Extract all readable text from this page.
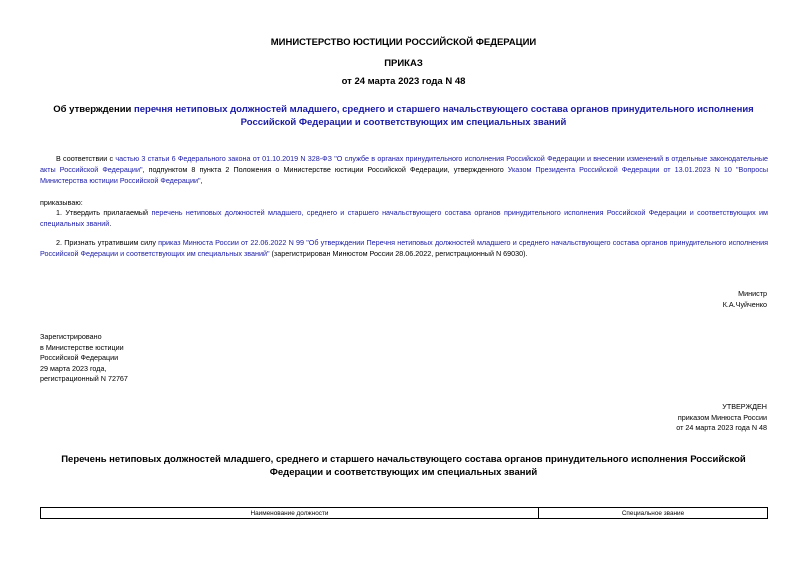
МИНИСТЕРСТВО ЮСТИЦИИ РОССИЙСКОЙ ФЕДЕРАЦИИ
ПРИКАЗ
от 24 марта 2023 года N 48
Об утверждении перечня нетиповых должностей младшего, среднего и старшего начальствующего состава органов принудительного исполнения Российской Федерации и соответствующих им специальных званий
В соответствии с частью 3 статьи 6 Федерального закона от 01.10.2019 N 328-ФЗ "О службе в органах принудительного исполнения Российской Федерации и внесении изменений в отдельные законодательные акты Российской Федерации", подпунктом 8 пункта 2 Положения о Министерстве юстиции Российской Федерации, утвержденного Указом Президента Российской Федерации от 13.01.2023 N 10 "Вопросы Министерства юстиции Российской Федерации",
приказываю:
1. Утвердить прилагаемый перечень нетиповых должностей младшего, среднего и старшего начальствующего состава органов принудительного исполнения Российской Федерации и соответствующих им специальных званий.
2. Признать утратившим силу приказ Минюста России от 22.06.2022 N 99 "Об утверждении Перечня нетиповых должностей младшего и среднего начальствующего состава органов принудительного исполнения Российской Федерации и соответствующих им специальных званий" (зарегистрирован Минюстом России 28.06.2022, регистрационный N 69030).
Министр
К.А.Чуйченко
Зарегистрировано
в Министерстве юстиции
Российской Федерации
29 марта 2023 года,
регистрационный N 72767
УТВЕРЖДЕН
приказом Минюста России
от 24 марта 2023 года N 48
Перечень нетиповых должностей младшего, среднего и старшего начальствующего состава органов принудительного исполнения Российской Федерации и соответствующих им специальных званий
Наименование должности	Специальное звание
